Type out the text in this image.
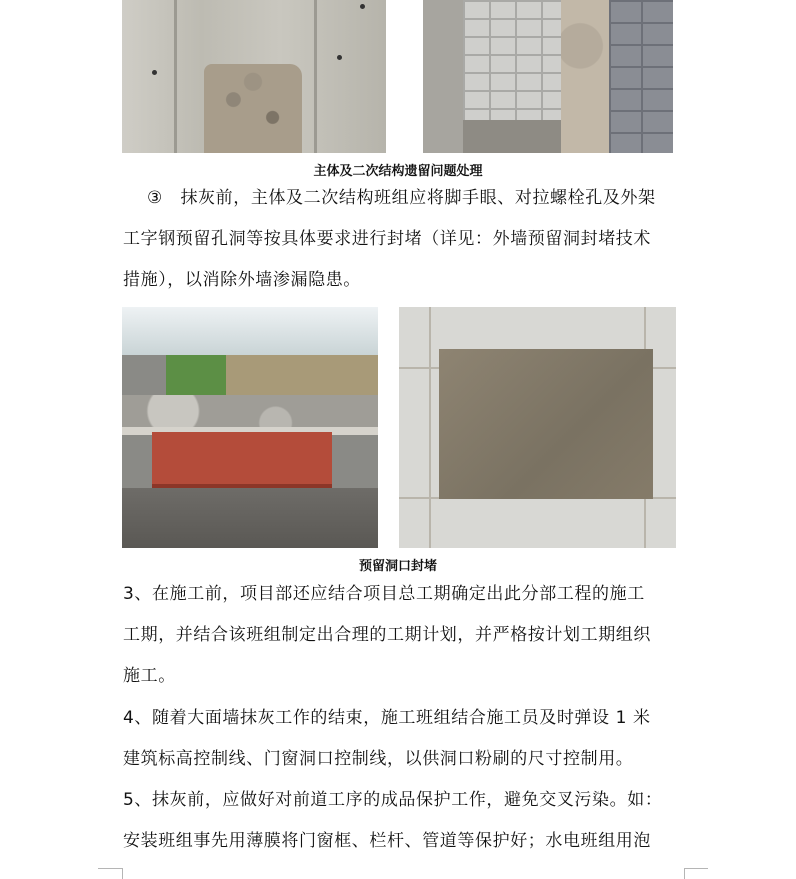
主体及二次结构遗留问题处理
③　抹灰前，主体及二次结构班组应将脚手眼、对拉螺栓孔及外架
工字钢预留孔洞等按具体要求进行封堵（详见：外墙预留洞封堵技术
措施），以消除外墙渗漏隐患。
预留洞口封堵
3、在施工前，项目部还应结合项目总工期确定出此分部工程的施工
工期，并结合该班组制定出合理的工期计划，并严格按计划工期组织
施工。
4、随着大面墙抹灰工作的结束，施工班组结合施工员及时弹设 1 米
建筑标高控制线、门窗洞口控制线，以供洞口粉刷的尺寸控制用。
5、抹灰前，应做好对前道工序的成品保护工作，避免交叉污染。如：
安装班组事先用薄膜将门窗框、栏杆、管道等保护好；水电班组用泡
